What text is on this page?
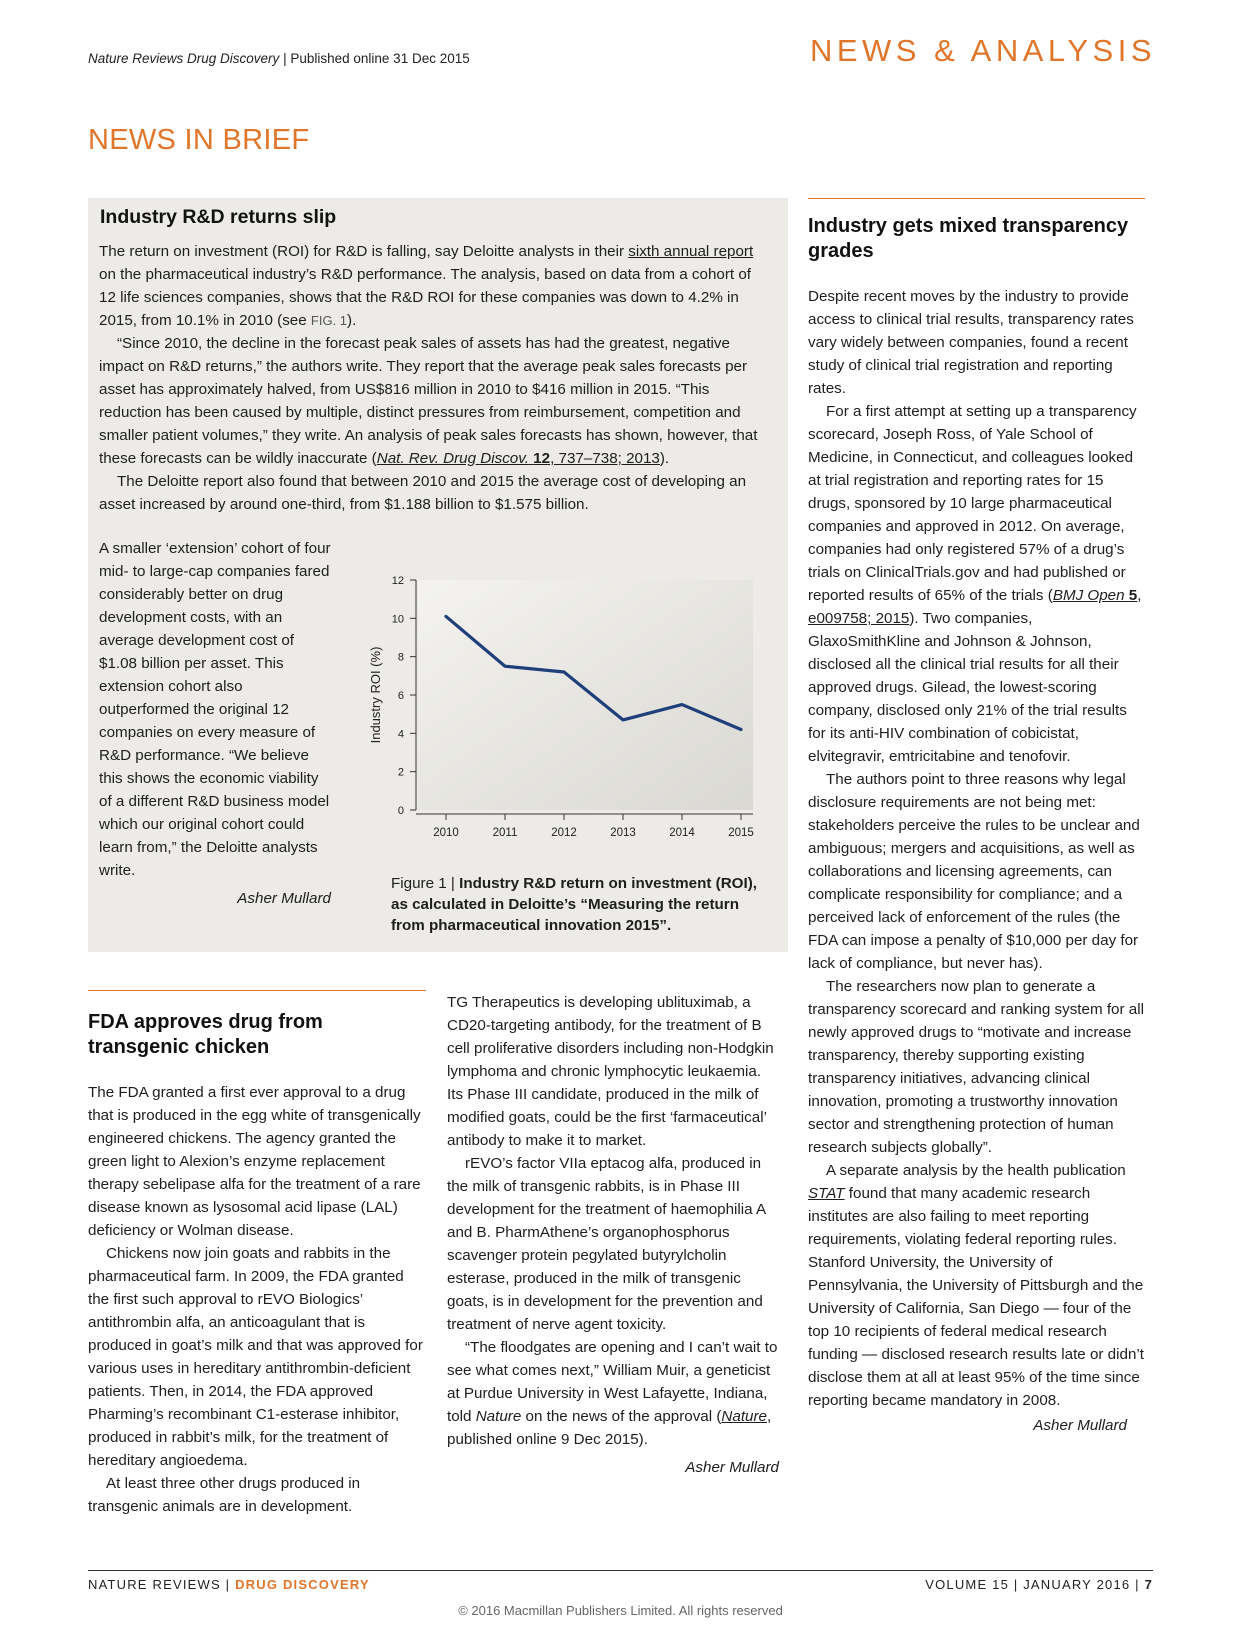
Nature Reviews Drug Discovery | Published online 31 Dec 2015	NEWS & ANALYSIS
NEWS IN BRIEF
Industry R&D returns slip

The return on investment (ROI) for R&D is falling, say Deloitte analysts in their sixth annual report on the pharmaceutical industry’s R&D performance. The analysis, based on data from a cohort of 12 life sciences companies, shows that the R&D ROI for these companies was down to 4.2% in 2015, from 10.1% in 2010 (see FIG. 1).

“Since 2010, the decline in the forecast peak sales of assets has had the greatest, negative impact on R&D returns,” the authors write. They report that the average peak sales forecasts per asset has approximately halved, from US$816 million in 2010 to $416 million in 2015. “This reduction has been caused by multiple, distinct pressures from reimbursement, competition and smaller patient volumes,” they write. An analysis of peak sales forecasts has shown, however, that these forecasts can be wildly inaccurate (Nat. Rev. Drug Discov. 12, 737–738; 2013).

The Deloitte report also found that between 2010 and 2015 the average cost of developing an asset increased by around one-third, from $1.188 billion to $1.575 billion.

A smaller ‘extension’ cohort of four mid- to large-cap companies fared considerably better on drug development costs, with an average development cost of $1.08 billion per asset. This extension cohort also outperformed the original 12 companies on every measure of R&D performance. “We believe this shows the economic viability of a different R&D business model which our original cohort could learn from,” the Deloitte analysts write.

Asher Mullard

0
2
4
6
8
10
12
2010	2011	2012	2013	2014	2015
Industry ROI (%)
Figure 1 | Industry R&D return on investment (ROI), as calculated in Deloitte’s “Measuring the return from pharmaceutical innovation 2015”.
FDA approves drug from transgenic chicken

The FDA granted a first ever approval to a drug that is produced in the egg white of transgenically engineered chickens. The agency granted the green light to Alexion’s enzyme replacement therapy sebelipase alfa for the treatment of a rare disease known as lysosomal acid lipase (LAL) deficiency or Wolman disease.

Chickens now join goats and rabbits in the pharmaceutical farm. In 2009, the FDA granted the first such approval to rEVO Biologics’ antithrombin alfa, an anticoagulant that is produced in goat’s milk and that was approved for various uses in hereditary antithrombin-deficient patients. Then, in 2014, the FDA approved Pharming’s recombinant C1-esterase inhibitor, produced in rabbit’s milk, for the treatment of hereditary angioedema.

At least three other drugs produced in transgenic animals are in development.

TG Therapeutics is developing ublituximab, a CD20-targeting antibody, for the treatment of B cell proliferative disorders including non-Hodgkin lymphoma and chronic lymphocytic leukaemia. Its Phase III candidate, produced in the milk of modified goats, could be the first ‘farmaceutical’ antibody to make it to market.

rEVO’s factor VIIa eptacog alfa, produced in the milk of transgenic rabbits, is in Phase III development for the treatment of haemophilia A and B. PharmAthene’s organophosphorus scavenger protein pegylated butyrylcholin esterase, produced in the milk of transgenic goats, is in development for the prevention and treatment of nerve agent toxicity.

“The floodgates are opening and I can’t wait to see what comes next,” William Muir, a geneticist at Purdue University in West Lafayette, Indiana, told Nature on the news of the approval (Nature, published online 9 Dec 2015).

Asher Mullard

Industry gets mixed transparency grades

Despite recent moves by the industry to provide access to clinical trial results, transparency rates vary widely between companies, found a recent study of clinical trial registration and reporting rates.

For a first attempt at setting up a transparency scorecard, Joseph Ross, of Yale School of Medicine, in Connecticut, and colleagues looked at trial registration and reporting rates for 15 drugs, sponsored by 10 large pharmaceutical companies and approved in 2012. On average, companies had only registered 57% of a drug’s trials on ClinicalTrials.gov and had published or reported results of 65% of the trials (BMJ Open 5, e009758; 2015). Two companies, GlaxoSmithKline and Johnson & Johnson, disclosed all the clinical trial results for all their approved drugs. Gilead, the lowest-scoring company, disclosed only 21% of the trial results for its anti-HIV combination of cobicistat, elvitegravir, emtricitabine and tenofovir.

The authors point to three reasons why legal disclosure requirements are not being met: stakeholders perceive the rules to be unclear and ambiguous; mergers and acquisitions, as well as collaborations and licensing agreements, can complicate responsibility for compliance; and a perceived lack of enforcement of the rules (the FDA can impose a penalty of $10,000 per day for lack of compliance, but never has).

The researchers now plan to generate a transparency scorecard and ranking system for all newly approved drugs to “motivate and increase transparency, thereby supporting existing transparency initiatives, advancing clinical innovation, promoting a trustworthy innovation sector and strengthening protection of human research subjects globally”.

A separate analysis by the health publication STAT found that many academic research institutes are also failing to meet reporting requirements, violating federal reporting rules. Stanford University, the University of Pennsylvania, the University of Pittsburgh and the University of California, San Diego — four of the top 10 recipients of federal medical research funding — disclosed research results late or didn’t disclose them at all at least 95% of the time since reporting became mandatory in 2008.

Asher Mullard

NATURE REVIEWS | DRUG DISCOVERY	VOLUME 15 | JANUARY 2016 | 7
© 2016 Macmillan Publishers Limited. All rights reserved
